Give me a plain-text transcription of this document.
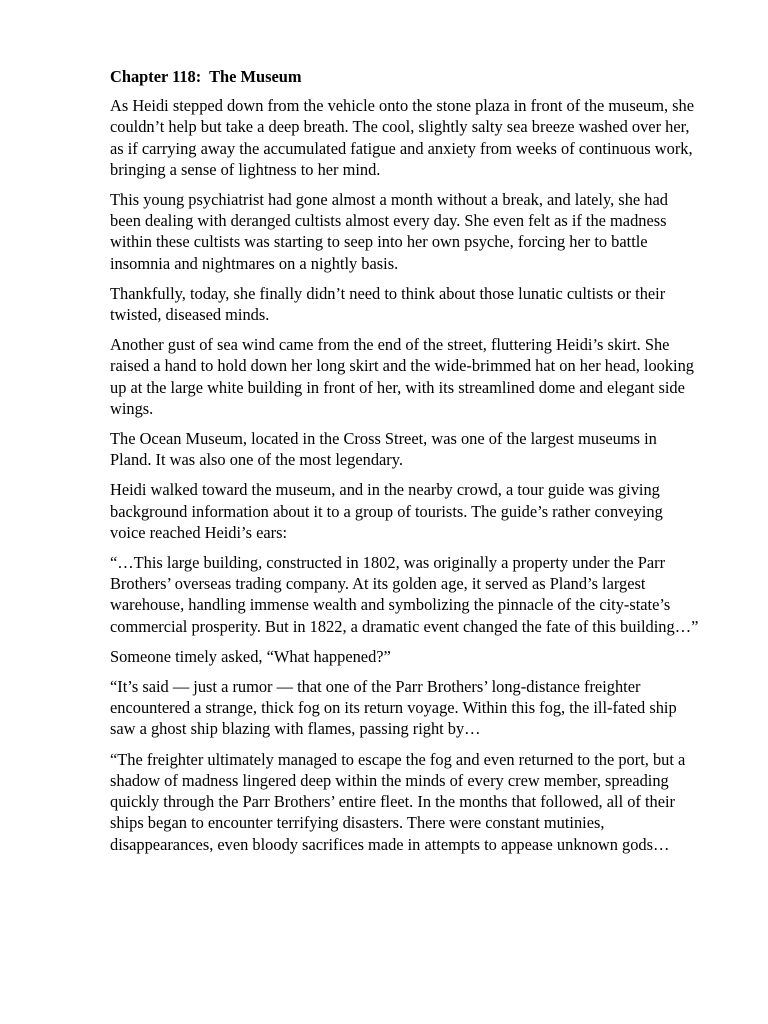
Chapter 118:  The Museum

As Heidi stepped down from the vehicle onto the stone plaza in front of the museum, she couldn’t help but take a deep breath. The cool, slightly salty sea breeze washed over her, as if carrying away the accumulated fatigue and anxiety from weeks of continuous work, bringing a sense of lightness to her mind.

This young psychiatrist had gone almost a month without a break, and lately, she had been dealing with deranged cultists almost every day. She even felt as if the madness within these cultists was starting to seep into her own psyche, forcing her to battle insomnia and nightmares on a nightly basis.

Thankfully, today, she finally didn’t need to think about those lunatic cultists or their twisted, diseased minds.

Another gust of sea wind came from the end of the street, fluttering Heidi’s skirt. She raised a hand to hold down her long skirt and the wide-brimmed hat on her head, looking up at the large white building in front of her, with its streamlined dome and elegant side wings.

The Ocean Museum, located in the Cross Street, was one of the largest museums in Pland. It was also one of the most legendary.

Heidi walked toward the museum, and in the nearby crowd, a tour guide was giving background information about it to a group of tourists. The guide’s rather conveying voice reached Heidi’s ears:

“…This large building, constructed in 1802, was originally a property under the Parr Brothers’ overseas trading company. At its golden age, it served as Pland’s largest warehouse, handling immense wealth and symbolizing the pinnacle of the city-state’s commercial prosperity. But in 1822, a dramatic event changed the fate of this building…”

Someone timely asked, “What happened?”

“It’s said — just a rumor — that one of the Parr Brothers’ long-distance freighter encountered a strange, thick fog on its return voyage. Within this fog, the ill-fated ship saw a ghost ship blazing with flames, passing right by…

“The freighter ultimately managed to escape the fog and even returned to the port, but a shadow of madness lingered deep within the minds of every crew member, spreading quickly through the Parr Brothers’ entire fleet. In the months that followed, all of their ships began to encounter terrifying disasters. There were constant mutinies, disappearances, even bloody sacrifices made in attempts to appease unknown gods…
